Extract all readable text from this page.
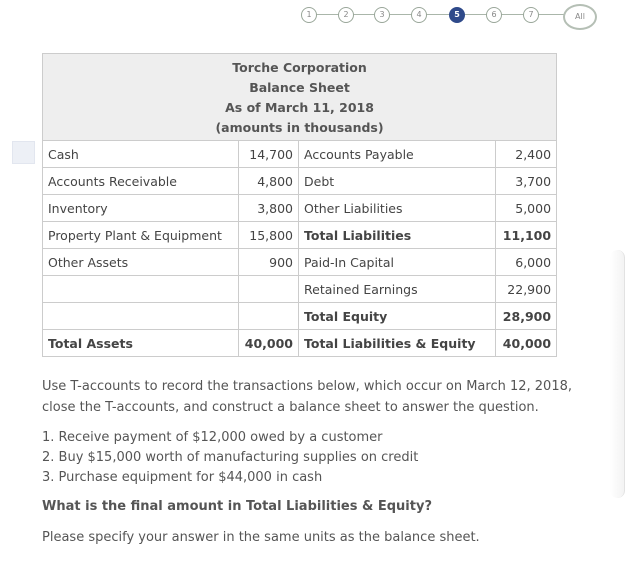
1	2	3	4	5	6	7	All
Torche Corporation
Balance Sheet
As of March 11, 2018
(amounts in thousands)			

Cash	14,700	Accounts Payable	2,400
Accounts Receivable	4,800	Debt	3,700
Inventory	3,800	Other Liabilities	5,000
Property Plant & Equipment	15,800	Total Liabilities	11,100
Other Assets	900	Paid-In Capital	6,000
		Retained Earnings	22,900
		Total Equity	28,900
Total Assets	40,000	Total Liabilities & Equity	40,000

Use T-accounts to record the transactions below, which occur on March 12, 2018, close the T-accounts, and construct a balance sheet to answer the question.

1. Receive payment of $12,000 owed by a customer
2. Buy $15,000 worth of manufacturing supplies on credit
3. Purchase equipment for $44,000 in cash

What is the final amount in Total Liabilities & Equity?

Please specify your answer in the same units as the balance sheet.
